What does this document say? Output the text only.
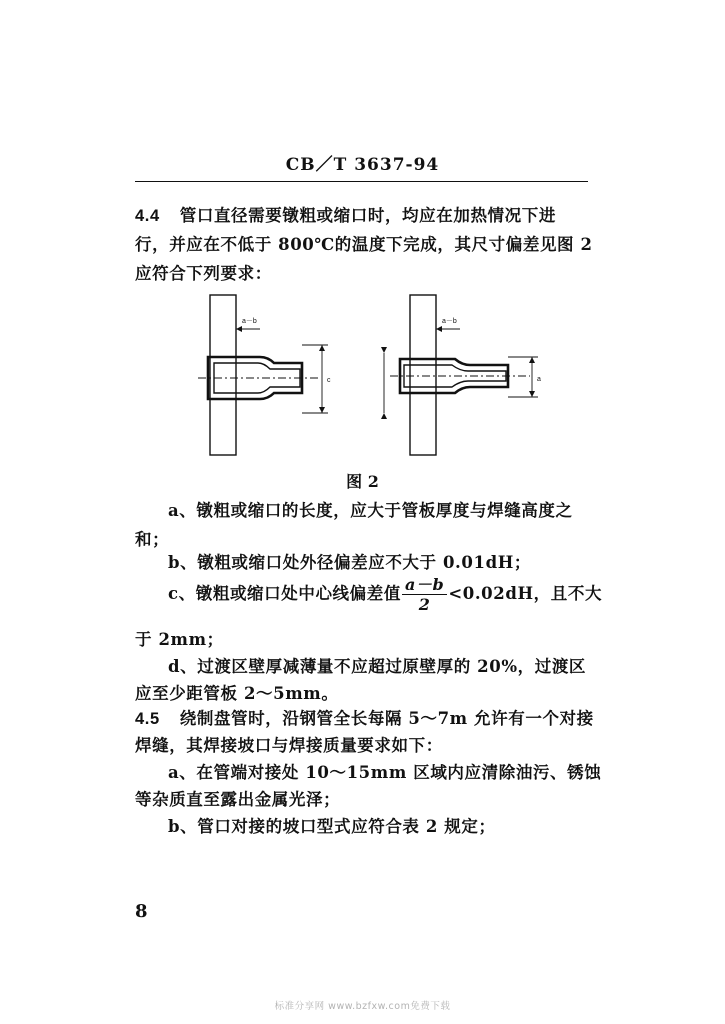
CB／T 3637-94
4.4 管口直径需要镦粗或缩口时，均应在加热情况下进
行，并应在不低于 800℃的温度下完成，其尺寸偏差见图 2
应符合下列要求：
a－b
c
a－b
a
图 2
a、镦粗或缩口的长度，应大于管板厚度与焊缝高度之
和；
b、镦粗或缩口处外径偏差应不大于 0.01dH；
c、镦粗或缩口处中心线偏差值 $\frac{a-b}{2} <0.02dH$，且不大
于 2mm；
d、过渡区壁厚减薄量不应超过原壁厚的 20%，过渡区
应至少距管板 2～5mm。
4.5 绕制盘管时，沿钢管全长每隔 5～7m 允许有一个对接
焊缝，其焊接坡口与焊接质量要求如下：
a、在管端对接处 10～15mm 区域内应清除油污、锈蚀
等杂质直至露出金属光泽；
b、管口对接的坡口型式应符合表 2 规定；
8
标准分享网 www.bzfxw.com免费下载
